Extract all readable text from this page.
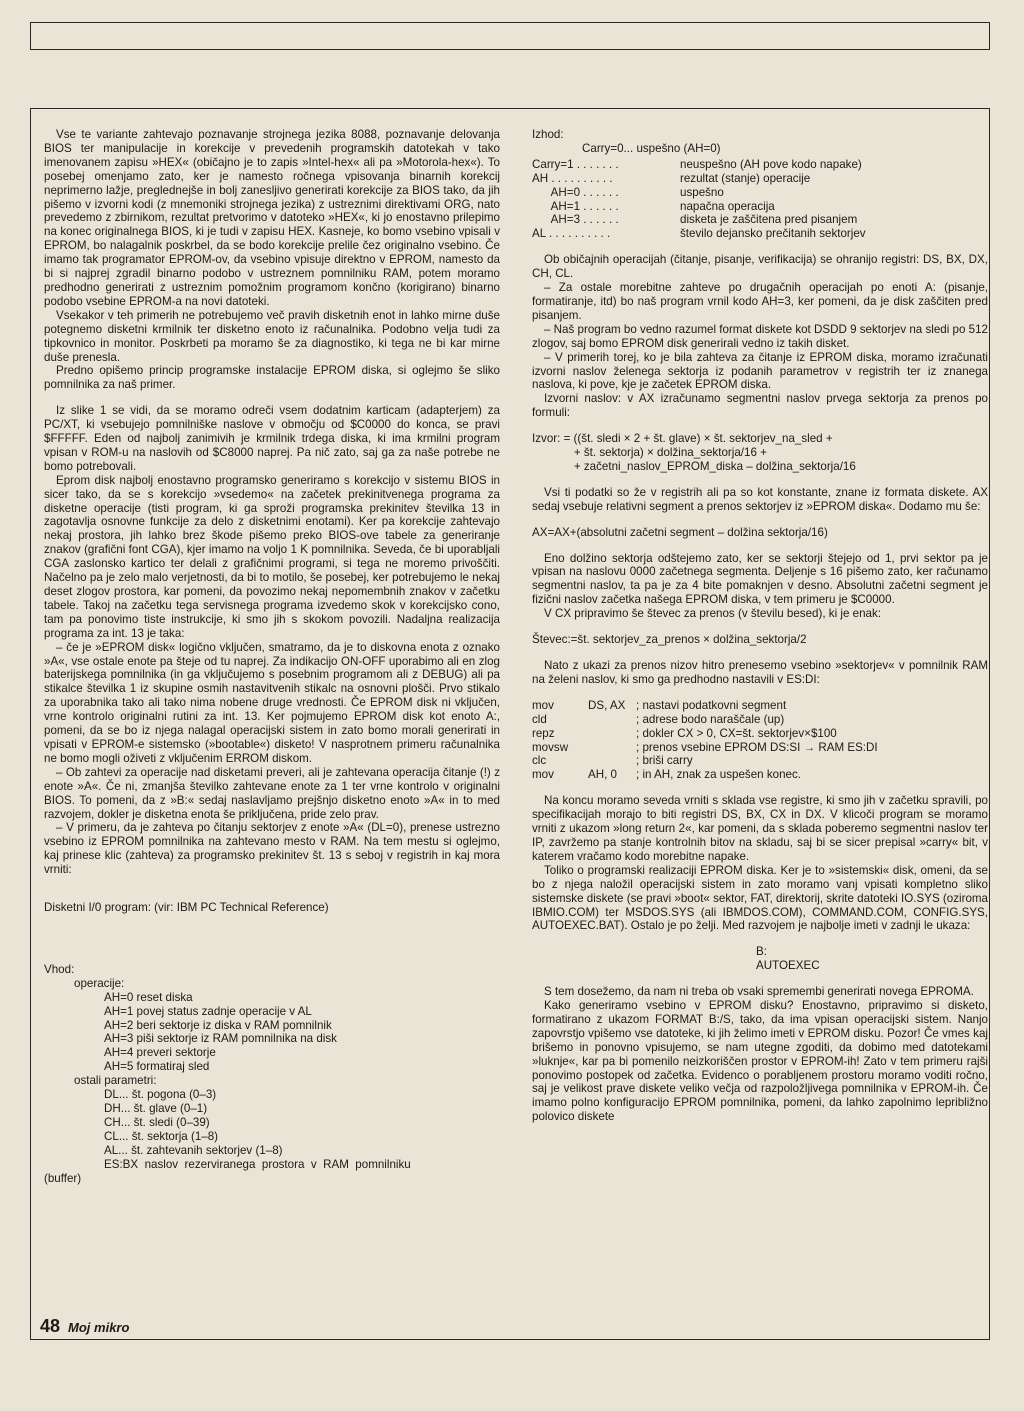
Vse te variante zahtevajo poznavanje strojnega jezika 8088, poznavanje delovanja BIOS ter manipulacije in korekcije v prevedenih programskih datotekah v tako imenovanem zapisu »HEX« (običajno je to zapis »Intel-hex« ali pa »Motorola-hex«). To posebej omenjamo zato, ker je namesto ročnega vpisovanja binarnih korekcij neprimerno lažje, preglednejše in bolj zanesljivo generirati korekcije za BIOS tako, da jih pišemo v izvorni kodi (z mnemoniki strojnega jezika) z ustreznimi direktivami ORG, nato prevedemo z zbirnikom, rezultat pretvorimo v datoteko »HEX«, ki jo enostavno prilepimo na konec originalnega BIOS, ki je tudi v zapisu HEX. Kasneje, ko bomo vsebino vpisali v EPROM, bo nalagalnik poskrbel, da se bodo korekcije prelile čez originalno vsebino. Če imamo tak programator EPROM-ov, da vsebino vpisuje direktno v EPROM, namesto da bi si najprej zgradil binarno podobo v ustreznem pomnilniku RAM, potem moramo predhodno generirati z ustreznim pomožnim programom končno (korigirano) binarno podobo vsebine EPROM-a na novi datoteki.

Vsekakor v teh primerih ne potrebujemo več pravih disketnih enot in lahko mirne duše potegnemo disketni krmilnik ter disketno enoto iz računalnika. Podobno velja tudi za tipkovnico in monitor. Poskrbeti pa moramo še za diagnostiko, ki tega ne bi kar mirne duše prenesla.

Predno opišemo princip programske instalacije EPROM diska, si oglejmo še sliko pomnilnika za naš primer.

Iz slike 1 se vidi, da se moramo odreči vsem dodatnim karticam (adapterjem) za PC/XT, ki vsebujejo pomnilniške naslove v območju od $C0000 do konca, se pravi $FFFFF. Eden od najbolj zanimivih je krmilnik trdega diska, ki ima krmilni program vpisan v ROM-u na naslovih od $C8000 naprej. Pa nič zato, saj ga za naše potrebe ne bomo potrebovali.

Eprom disk najbolj enostavno programsko generiramo s korekcijo v sistemu BIOS in sicer tako, da se s korekcijo »vsedemo« na začetek prekinitvenega programa za disketne operacije (tisti program, ki ga sproži programska prekinitev številka 13 in zagotavlja osnovne funkcije za delo z disketnimi enotami). Ker pa korekcije zahtevajo nekaj prostora, jih lahko brez škode pišemo preko BIOS-ove tabele za generiranje znakov (grafični font CGA), kjer imamo na voljo 1 K pomnilnika. Seveda, če bi uporabljali CGA zaslonsko kartico ter delali z grafičnimi programi, si tega ne moremo privoščiti. Načelno pa je zelo malo verjetnosti, da bi to motilo, še posebej, ker potrebujemo le nekaj deset zlogov prostora, kar pomeni, da povozimo nekaj nepomembnih znakov v začetku tabele. Takoj na začetku tega servisnega programa izvedemo skok v korekcijsko cono, tam pa ponovimo tiste instrukcije, ki smo jih s skokom povozili. Nadaljna realizacija programa za int. 13 je taka:

– če je »EPROM disk« logično vključen, smatramo, da je to diskovna enota z oznako »A«, vse ostale enote pa šteje od tu naprej. Za indikacijo ON-OFF uporabimo ali en zlog baterijskega pomnilnika (in ga vključujemo s posebnim programom ali z DEBUG) ali pa stikalce številka 1 iz skupine osmih nastavitvenih stikalc na osnovni plošči. Prvo stikalo za uporabnika tako ali tako nima nobene druge vrednosti. Če EPROM disk ni vključen, vrne kontrolo originalni rutini za int. 13. Ker pojmujemo EPROM disk kot enoto A:, pomeni, da se bo iz njega nalagal operacijski sistem in zato bomo morali generirati in vpisati v EPROM-e sistemsko (»bootable«) disketo! V nasprotnem primeru računalnika ne bomo mogli oživeti z vključenim ERROM diskom.

– Ob zahtevi za operacije nad disketami preveri, ali je zahtevana operacija čitanje (!) z enote »A«. Če ni, zmanjša številko zahtevane enote za 1 ter vrne kontrolo v originalni BIOS. To pomeni, da z »B:« sedaj naslavljamo prejšnjo disketno enoto »A« in to med razvojem, dokler je disketna enota še priključena, pride zelo prav.

– V primeru, da je zahteva po čitanju sektorjev z enote »A« (DL=0), prenese ustrezno vsebino iz EPROM pomnilnika na zahtevano mesto v RAM. Na tem mestu si oglejmo, kaj prinese klic (zahteva) za programsko prekinitev št. 13 s seboj v registrih in kaj mora vrniti:

Disketni I/0 program: (vir: IBM PC Technical Reference)

Vhod:

operacije:
AH=0 reset diska
AH=1 povej status zadnje operacije v AL
AH=2 beri sektorje iz diska v RAM pomnilnik
AH=3 piši sektorje iz RAM pomnilnika na disk
AH=4 preveri sektorje
AH=5 formatiraj sled
ostali parametri:
DL... št. pogona (0–3)
DH... št. glave (0–1)
CH... št. sledi (0–39)
CL... št. sektorja (1–8)
AL... št. zahtevanih sektorjev (1–8)
ES:BX  naslov  rezerviranega  prostora  v  RAM  pomnilniku
(buffer)
Izhod:
Carry=0... uspešno (AH=0)
Carry=1 . . . . . . .	neuspešno (AH pove kodo napake)
AH . . . . . . . . . .	rezultat (stanje) operacije
AH=0 . . . . . .	uspešno
AH=1 . . . . . .	napačna operacija
AH=3 . . . . . .	disketa je zaščitena pred pisanjem
AL . . . . . . . . . .	število dejansko prečitanih sektorjev

Ob običajnih operacijah (čitanje, pisanje, verifikacija) se ohranijo registri: DS, BX, DX, CH, CL.

– Za ostale morebitne zahteve po drugačnih operacijah po enoti A: (pisanje, formatiranje, itd) bo naš program vrnil kodo AH=3, ker pomeni, da je disk zaščiten pred pisanjem.

– Naš program bo vedno razumel format diskete kot DSDD 9 sektorjev na sledi po 512 zlogov, saj bomo EPROM disk generirali vedno iz takih disket.

– V primerih torej, ko je bila zahteva za čitanje iz EPROM diska, moramo izračunati izvorni naslov želenega sektorja iz podanih parametrov v registrih ter iz znanega naslova, ki pove, kje je začetek EPROM diska.

Izvorni naslov: v AX izračunamo segmentni naslov prvega sektorja za prenos po formuli:

Izvor: = ((št. sledi × 2 + št. glave) × št. sektorjev_na_sled +
+ št. sektorja) × dolžina_sektorja/16 +
+ začetni_naslov_EPROM_diska – dolžina_sektorja/16

Vsi ti podatki so že v registrih ali pa so kot konstante, znane iz formata diskete. AX sedaj vsebuje relativni segment a prenos sektorjev iz »EPROM diska«. Dodamo mu še:

AX=AX+(absolutni začetni segment – dolžina sektorja/16)

Eno dolžino sektorja odštejemo zato, ker se sektorji štejejo od 1, prvi sektor pa je vpisan na naslovu 0000 začetnega segmenta. Deljenje s 16 pišemo zato, ker računamo segmentni naslov, ta pa je za 4 bite pomaknjen v desno. Absolutni začetni segment je fizični naslov začetka našega EPROM diska, v tem primeru je $C0000.

V CX pripravimo še števec za prenos (v številu besed), ki je enak:

Števec:=št. sektorjev_za_prenos × dolžina_sektorja/2

Nato z ukazi za prenos nizov hitro prenesemo vsebino »sektorjev« v pomnilnik RAM na želeni naslov, ki smo ga predhodno nastavili v ES:DI:

mov	DS, AX ; nastavi podatkovni segment
cld	; adrese bodo naraščale (up)
repz	; dokler CX > 0, CX=št. sektorjev×$100
movsw	; prenos vsebine EPROM DS:SI → RAM ES:DI
clc	; briši carry
mov	AH, 0	; in AH, znak za uspešen konec.

Na koncu moramo seveda vrniti s sklada vse registre, ki smo jih v začetku spravili, po specifikacijah morajo to biti registri DS, BX, CX in DX. V klicoči program se moramo vrniti z ukazom »long return 2«, kar pomeni, da s sklada poberemo segmentni naslov ter IP, zavržemo pa stanje kontrolnih bitov na skladu, saj bi se sicer prepisal »carry« bit, v katerem vračamo kodo morebitne napake.

Toliko o programski realizaciji EPROM diska. Ker je to »sistemski« disk, omeni, da se bo z njega naložil operacijski sistem in zato moramo vanj vpisati kompletno sliko sistemske diskete (se pravi »boot« sektor, FAT, direktorij, skrite datoteki IO.SYS (oziroma IBMIO.COM) ter MSDOS.SYS (ali IBMDOS.COM), COMMAND.COM, CONFIG.SYS, AUTOEXEC.BAT). Ostalo je po želji. Med razvojem je najbolje imeti v zadnji le ukaza:

B:
AUTOEXEC

S tem dosežemo, da nam ni treba ob vsaki spremembi generirati novega EPROMA.

Kako generiramo vsebino v EPROM disku? Enostavno, pripravimo si disketo, formatirano z ukazom FORMAT B:/S, tako, da ima vpisan operacijski sistem. Nanjo zapovrstjo vpišemo vse datoteke, ki jih želimo imeti v EPROM disku. Pozor! Če vmes kaj brišemo in ponovno vpisujemo, se nam utegne zgoditi, da dobimo med datotekami »luknje«, kar pa bi pomenilo neizkoriščen prostor v EPROM-ih! Zato v tem primeru rajši ponovimo postopek od začetka. Evidenco o porabljenem prostoru moramo voditi ročno, saj je velikost prave diskete veliko večja od razpoložljivega pomnilnika v EPROM-ih. Če imamo polno konfiguracijo EPROM pomnilnika, pomeni, da lahko zapolnimo lepribližno polovico diskete

48 Moj mikro
